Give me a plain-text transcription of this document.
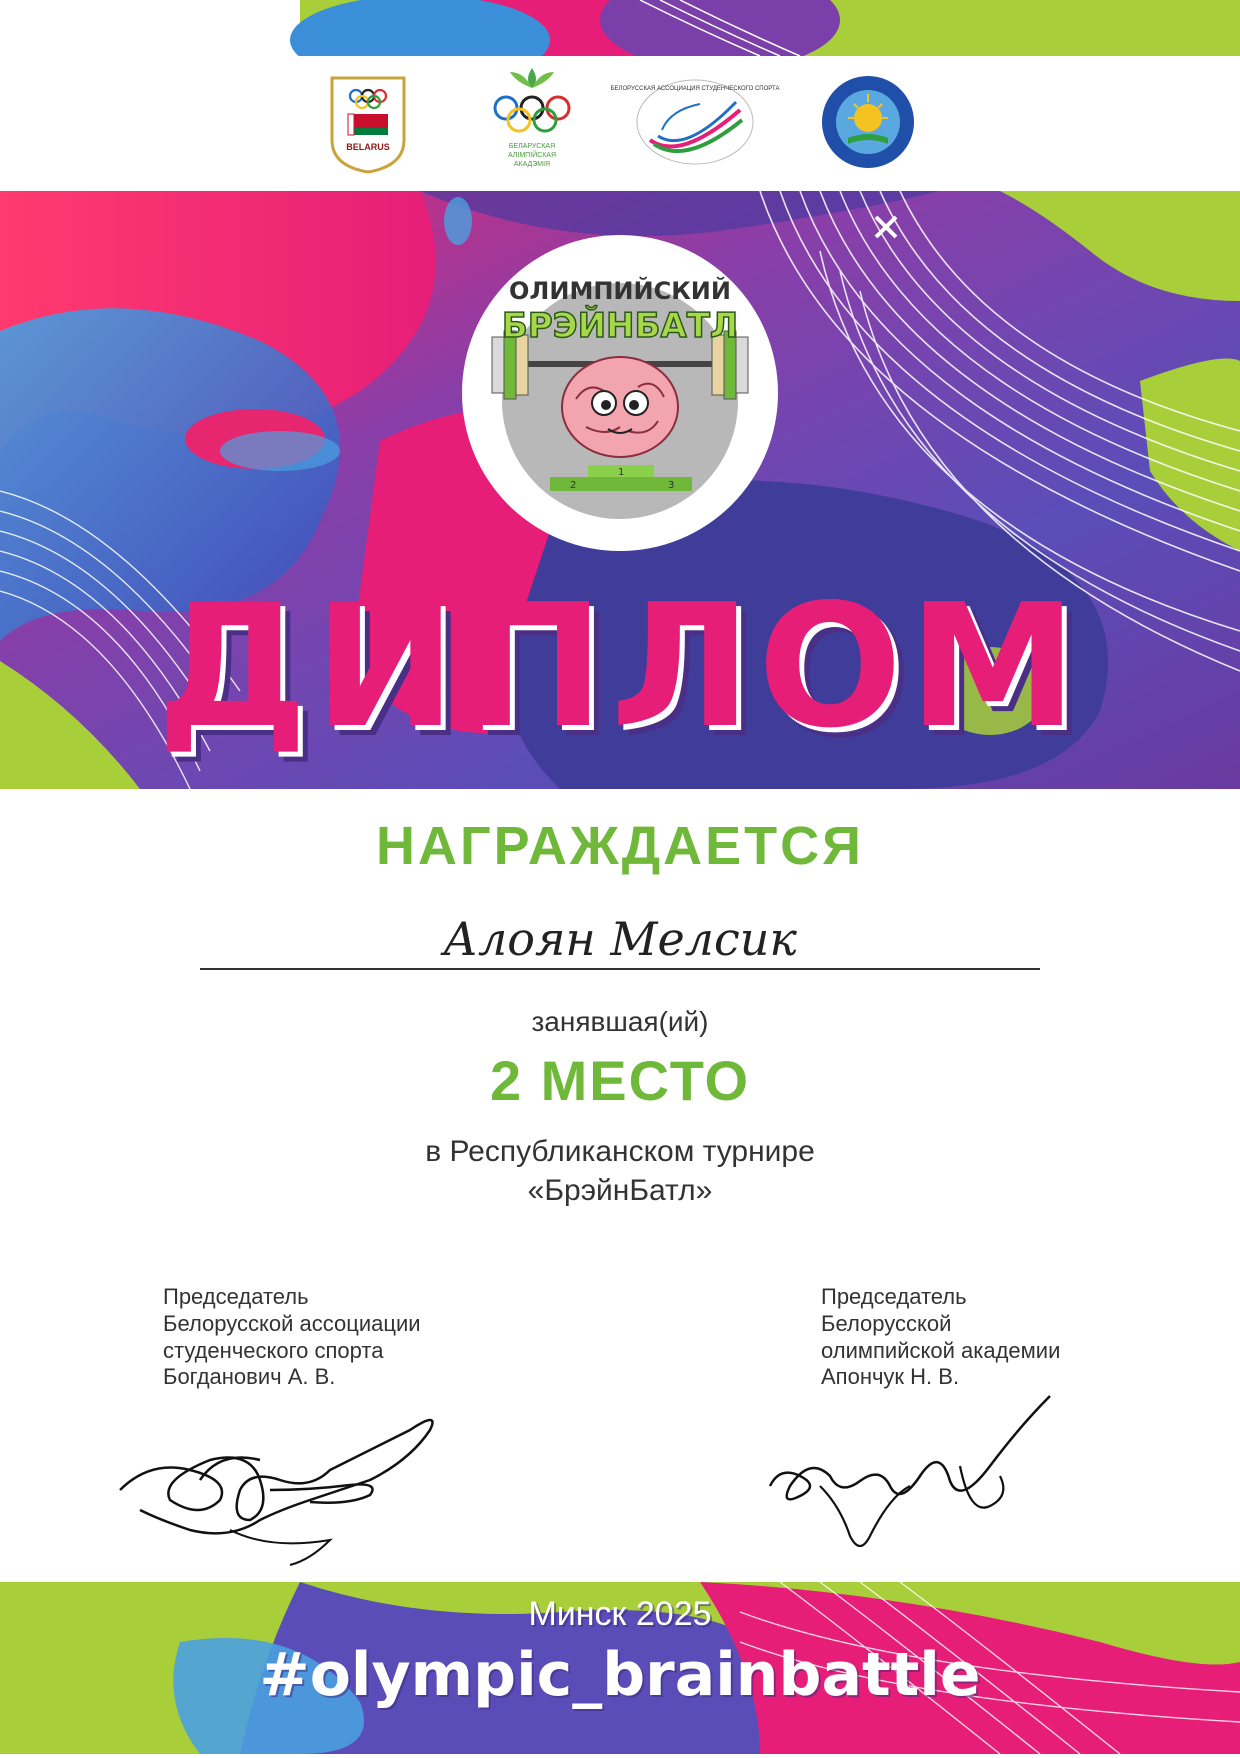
BELARUS	БЕЛАРУСКАЯ
АЛІМПІЙСКАЯ
АКАДЭМІЯ
БЕЛОРУССКАЯ АССОЦИАЦИЯ СТУДЕНЧЕСКОГО СПОРТА
ОЛИМПИЙСКИЙ
БРЭЙНБАТЛ
2
1
3
ДИПЛОМ
НАГРАЖДАЕТСЯ
Алоян Мелсик
занявшая(ий)
2 МЕСТО
в Республиканском турнире
«БрэйнБатл»
Председатель
Белорусской ассоциации
студенческого спорта
Богданович А. В.
Председатель
Белорусской
олимпийской академии
Апончук Н. В.
Минск 2025
#olympic_brainbattle
